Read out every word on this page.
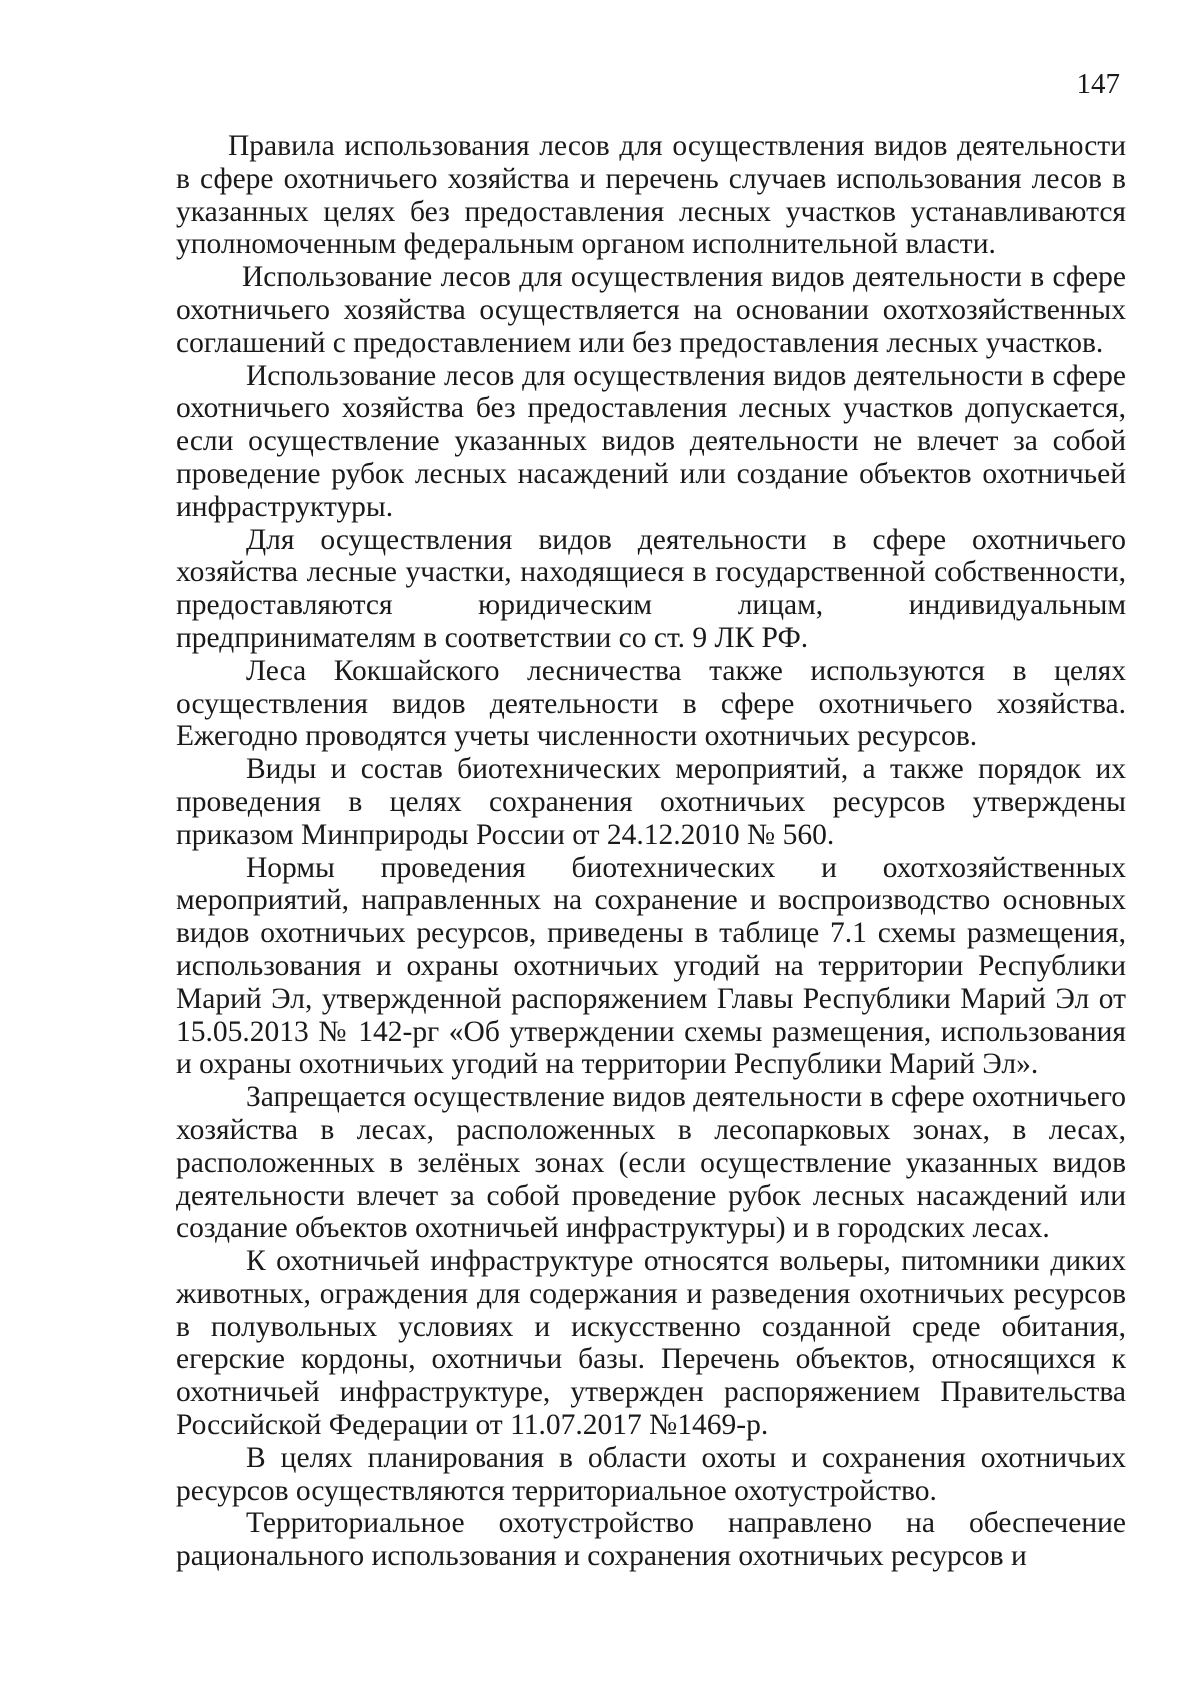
147

Правила использования лесов для осуществления видов деятельности в сфере охотничьего хозяйства и перечень случаев использования лесов в указанных целях без предоставления лесных участков устанавливаются уполномоченным федеральным органом исполнительной власти.

Использование лесов для осуществления видов деятельности в сфере охотничьего хозяйства осуществляется на основании охотхозяйственных соглашений с предоставлением или без предоставления лесных участков.

Использование лесов для осуществления видов деятельности в сфере охотничьего хозяйства без предоставления лесных участков допускается, если осуществление указанных видов деятельности не влечет за собой проведение рубок лесных насаждений или создание объектов охотничьей инфраструктуры.

Для осуществления видов деятельности в сфере охотничьего хозяйства лесные участки, находящиеся в государственной собственности, предоставляются юридическим лицам, индивидуальным предпринимателям в соответствии со ст. 9 ЛК РФ.

Леса Кокшайского лесничества также используются в целях осуществления видов деятельности в сфере охотничьего хозяйства. Ежегодно проводятся учеты численности охотничьих ресурсов.

Виды и состав биотехнических мероприятий, а также порядок их проведения в целях сохранения охотничьих ресурсов утверждены приказом Минприроды России от 24.12.2010 № 560.

Нормы проведения биотехнических и охотхозяйственных мероприятий, направленных на сохранение и воспроизводство основных видов охотничьих ресурсов, приведены в таблице 7.1 схемы размещения, использования и охраны охотничьих угодий на территории Республики Марий Эл, утвержденной распоряжением Главы Республики Марий Эл от 15.05.2013 № 142-рг «Об утверждении схемы размещения, использования и охраны охотничьих угодий на территории Республики Марий Эл».

Запрещается осуществление видов деятельности в сфере охотничьего хозяйства в лесах, расположенных в лесопарковых зонах, в лесах, расположенных в зелёных зонах (если осуществление указанных видов деятельности влечет за собой проведение рубок лесных насаждений или создание объектов охотничьей инфраструктуры) и в городских лесах.

К охотничьей инфраструктуре относятся вольеры, питомники диких животных, ограждения для содержания и разведения охотничьих ресурсов в полувольных условиях и искусственно созданной среде обитания, егерские кордоны, охотничьи базы. Перечень объектов, относящихся к охотничьей инфраструктуре, утвержден распоряжением Правительства Российской Федерации от 11.07.2017 №1469-р.

В целях планирования в области охоты и сохранения охотничьих ресурсов осуществляются территориальное охотустройство.

Территориальное охотустройство направлено на обеспечение рационального использования и сохранения охотничьих ресурсов и
